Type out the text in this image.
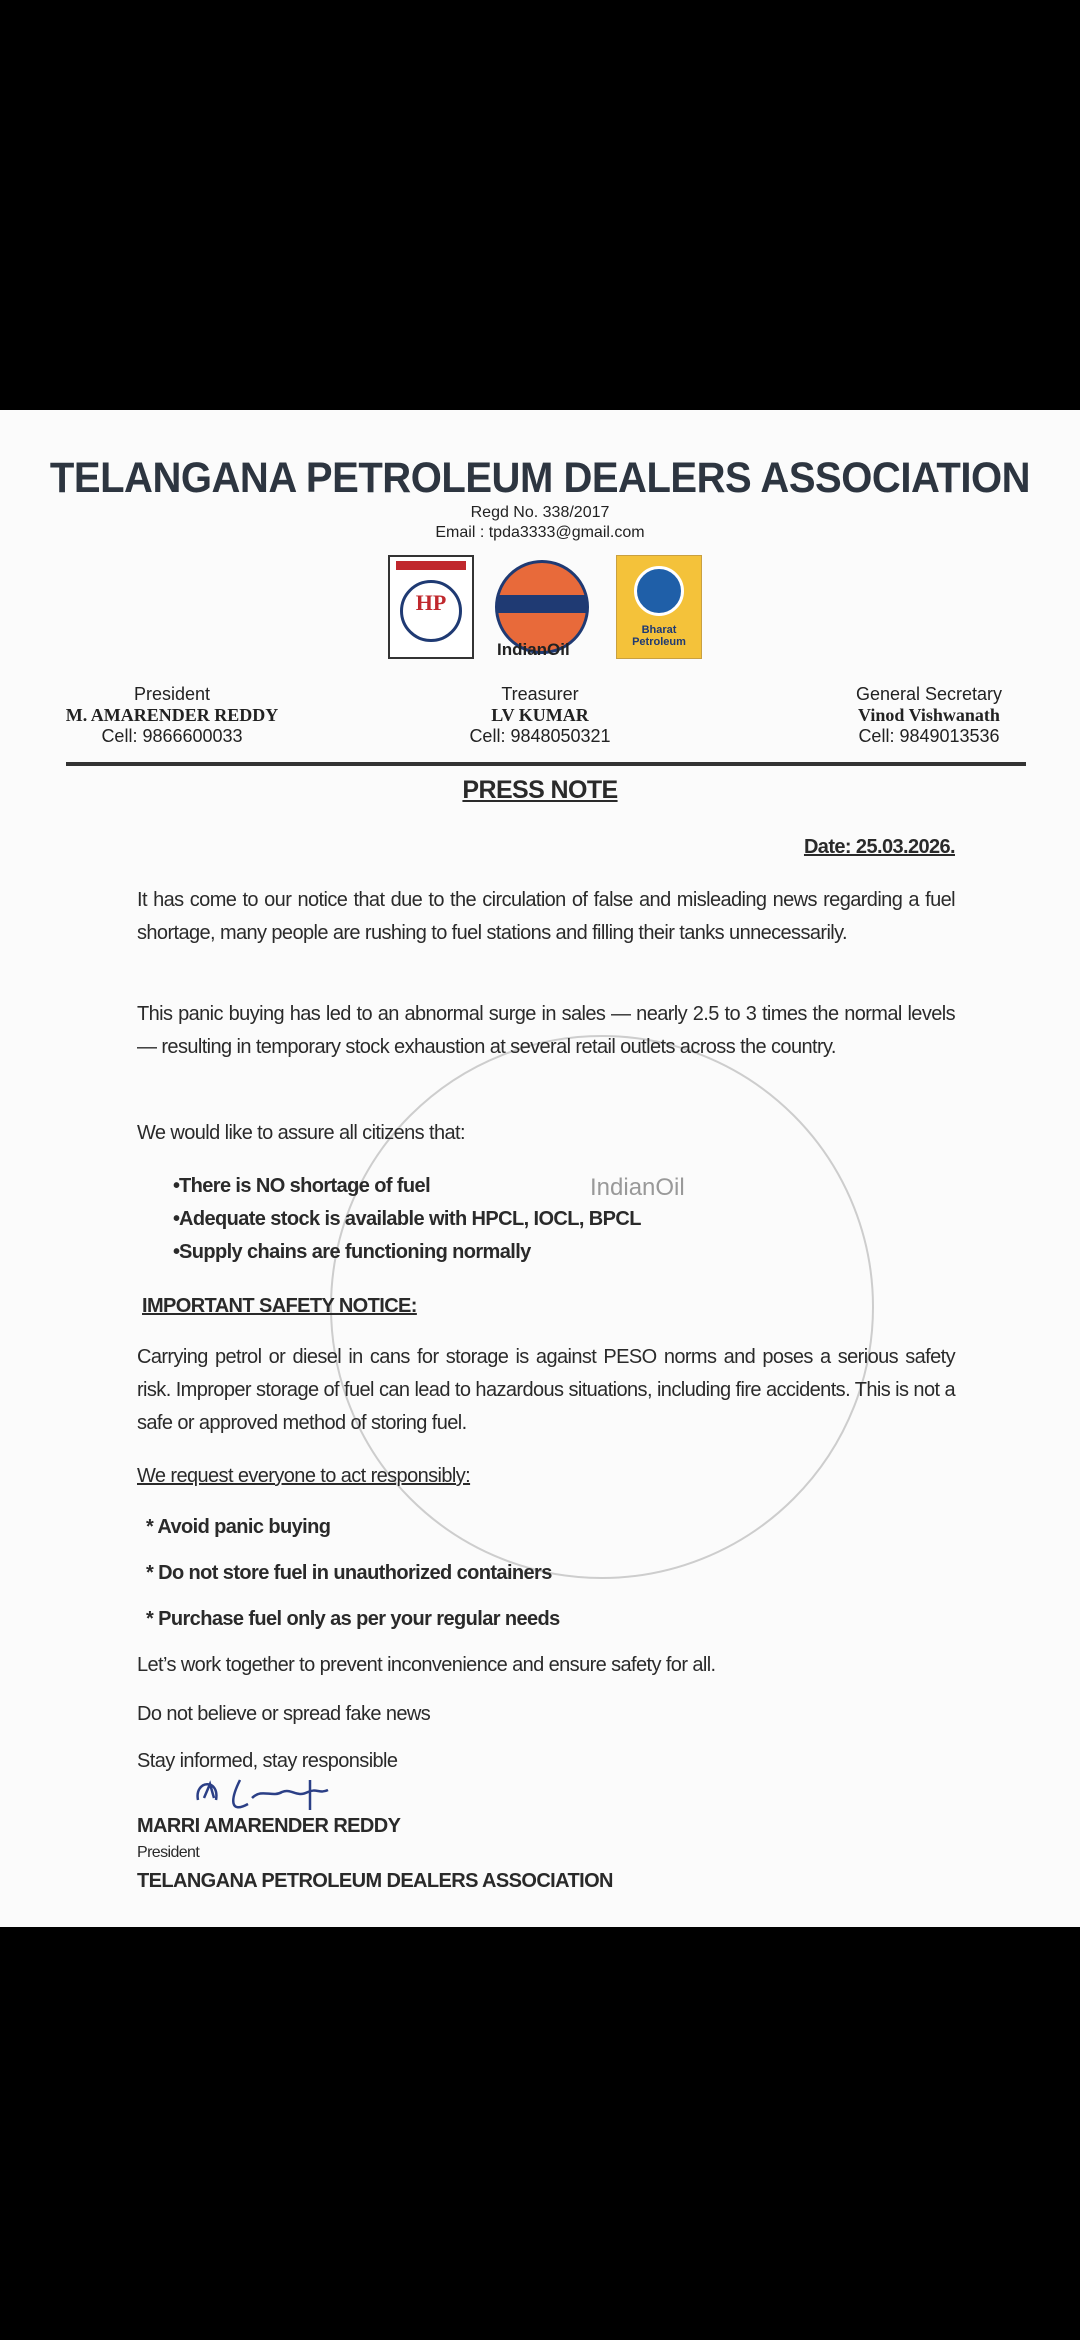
TELANGANA PETROLEUM DEALERS ASSOCIATION
Regd No. 338/2017
Email : tpda3333@gmail.com
HP
IndianOil
Bharat Petroleum
President
M. AMARENDER REDDY
Cell: 9866600033
Treasurer
LV KUMAR
Cell: 9848050321
General Secretary
Vinod Vishwanath
Cell: 9849013536
IndianOil
PRESS NOTE
Date: 25.03.2026.
It has come to our notice that due to the circulation of false and misleading news regarding a fuel shortage, many people are rushing to fuel stations and filling their tanks unnecessarily.
This panic buying has led to an abnormal surge in sales — nearly 2.5 to 3 times the normal levels — resulting in temporary stock exhaustion at several retail outlets across the country.
We would like to assure all citizens that:
• There is NO shortage of fuel
• Adequate stock is available with HPCL, IOCL, BPCL
• Supply chains are functioning normally
IMPORTANT SAFETY NOTICE:
Carrying petrol or diesel in cans for storage is against PESO norms and poses a serious safety risk. Improper storage of fuel can lead to hazardous situations, including fire accidents. This is not a safe or approved method of storing fuel.
We request everyone to act responsibly:
* Avoid panic buying
* Do not store fuel in unauthorized containers
* Purchase fuel only as per your regular needs
Let’s work together to prevent inconvenience and ensure safety for all.
Do not believe or spread fake news
Stay informed, stay responsible
MARRI AMARENDER REDDY
President
TELANGANA PETROLEUM DEALERS ASSOCIATION
